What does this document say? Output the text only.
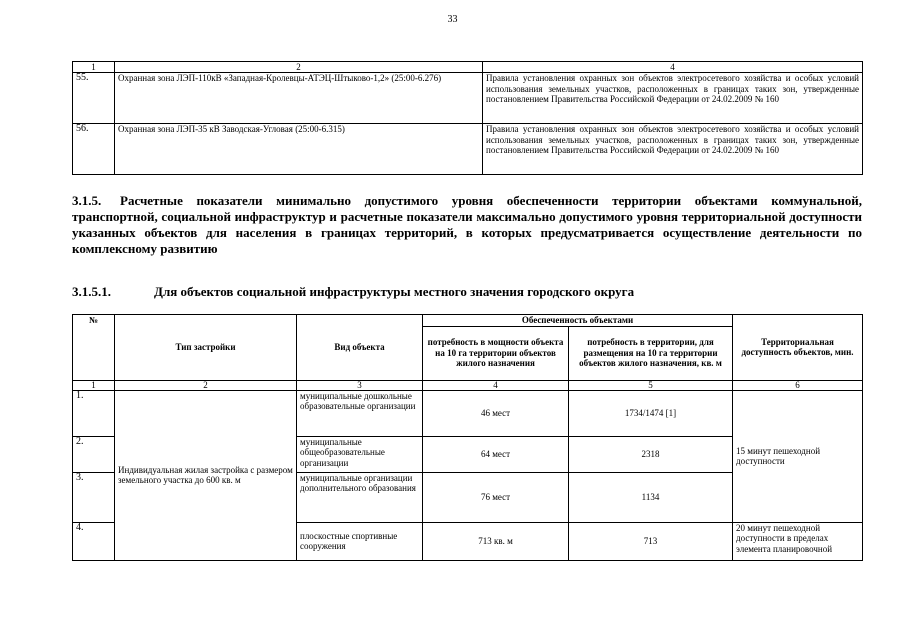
33
1	2	4
55.	Охранная зона ЛЭП-110кВ «Западная-Кролевцы-АТЭЦ-Штыково-1,2» (25:00-6.276)	Правила установления охранных зон объектов электросетевого хозяйства и особых условий использования земельных участков, расположенных в границах таких зон, утвержденные постановлением Правительства Российской Федерации от 24.02.2009 № 160
56.	Охранная зона ЛЭП-35 кВ Заводская-Угловая (25:00-6.315)	Правила установления охранных зон объектов электросетевого хозяйства и особых условий использования земельных участков, расположенных в границах таких зон, утвержденные постановлением Правительства Российской Федерации от 24.02.2009 № 160
3.1.5. Расчетные показатели минимально допустимого уровня обеспеченности территории объектами коммунальной, транспортной, социальной инфраструктур и расчетные показатели максимально допустимого уровня территориальной доступности указанных объектов для населения в границах территорий, в которых предусматривается осуществление деятельности по комплексному развитию
3.1.5.1.	Для объектов социальной инфраструктуры местного значения городского округа
№	Тип застройки	Вид объекта	Обеспеченность объектами		Территориальная доступность объектов, мин.
			потребность в мощности объекта на 10 га территории объектов жилого назначения	потребность в территории, для размещения на 10 га территории объектов жилого назначения, кв. м	
1	2	3	4	5	6
1.	Индивидуальная жилая застройка с размером земельного участка до 600 кв. м	муниципальные дошкольные образовательные организации	46 мест	1734/1474 [1]	15 минут пешеходной доступности
2.		муниципальные общеобразовательные организации	64 мест	2318	
3.		муниципальные организации дополнительного образования	76 мест	1134	
4.		плоскостные спортивные сооружения	713 кв. м	713	20 минут пешеходной доступности в пределах элемента планировочной
